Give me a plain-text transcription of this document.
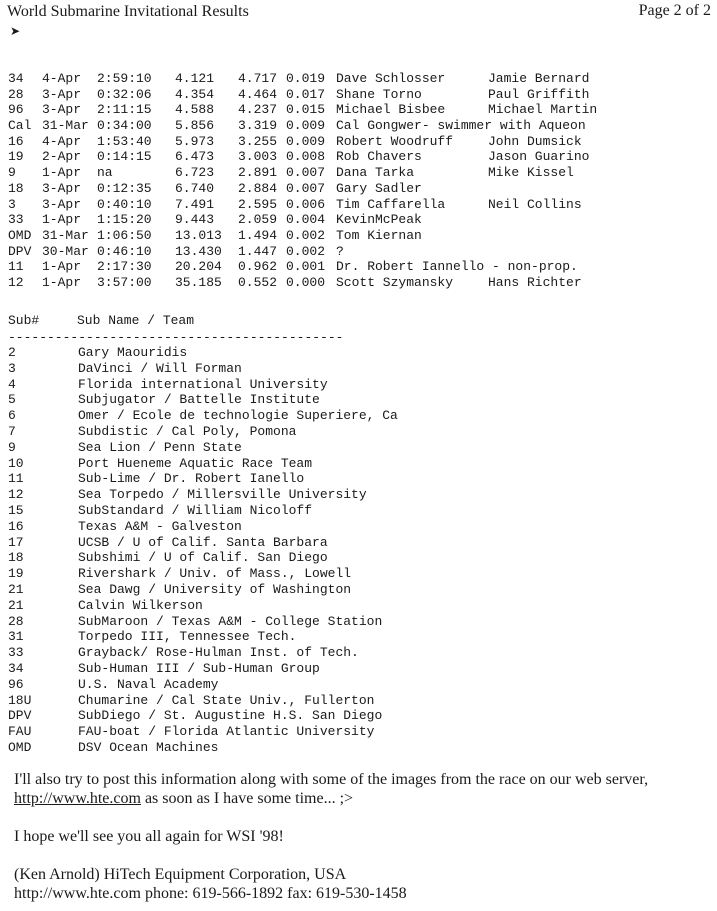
World Submarine Invitational Results	Page 2 of 2
➤
34 4-Apr 2:59:10 4.121 4.717 0.019 Dave Schlosser	Jamie Bernard
28 3-Apr 0:32:06 4.354 4.464 0.017 Shane Torno	Paul Griffith
96 3-Apr 2:11:15 4.588 4.237 0.015 Michael Bisbee	Michael Martin
Cal 31-Mar 0:34:00 5.856 3.319 0.009 Cal Gongwer- swimmer with Aqueon
16 4-Apr 1:53:40 5.973 3.255 0.009 Robert Woodruff	John Dumsick
19 2-Apr 0:14:15 6.473 3.003 0.008 Rob Chavers	Jason Guarino
9 1-Apr na	6.723 2.891 0.007 Dana Tarka	Mike Kissel
18 3-Apr 0:12:35 6.740 2.884 0.007 Gary Sadler
3 3-Apr 0:40:10 7.491 2.595 0.006 Tim Caffarella	Neil Collins
33 1-Apr 1:15:20 9.443 2.059 0.004 KevinMcPeak
OMD 31-Mar 1:06:50 13.013 1.494 0.002 Tom Kiernan
DPV 30-Mar 0:46:10 13.430 1.447 0.002 ?
11 1-Apr 2:17:30 20.204 0.962 0.001 Dr. Robert Iannello - non-prop.
12 1-Apr 3:57:00 35.185 0.552 0.000 Scott Szymansky	Hans Richter
Sub#	Sub Name / Team
-------------------------------------------
2	Gary Maouridis
3	DaVinci / Will Forman
4	Florida international University
5	Subjugator / Battelle Institute
6	Omer / Ecole de technologie Superiere, Ca
7	Subdistic / Cal Poly, Pomona
9	Sea Lion / Penn State
10	Port Hueneme Aquatic Race Team
11	Sub-Lime / Dr. Robert Ianello
12	Sea Torpedo / Millersville University
15	SubStandard / William Nicoloff
16	Texas A&M - Galveston
17	UCSB / U of Calif. Santa Barbara
18	Subshimi / U of Calif. San Diego
19	Rivershark / Univ. of Mass., Lowell
21	Sea Dawg / University of Washington
21	Calvin Wilkerson
28	SubMaroon / Texas A&M - College Station
31	Torpedo III, Tennessee Tech.
33	Grayback/ Rose-Hulman Inst. of Tech.
34	Sub-Human III / Sub-Human Group
96	U.S. Naval Academy
18U	Chumarine / Cal State Univ., Fullerton
DPV	SubDiego / St. Augustine H.S. San Diego
FAU	FAU-boat / Florida Atlantic University
OMD	DSV Ocean Machines

I'll also try to post this information along with some of the images from the race on our web server,
http://www.hte.com as soon as I have some time... ;>

I hope we'll see you all again for WSI '98!

(Ken Arnold) HiTech Equipment Corporation, USA
http://www.hte.com phone: 619-566-1892 fax: 619-530-1458
